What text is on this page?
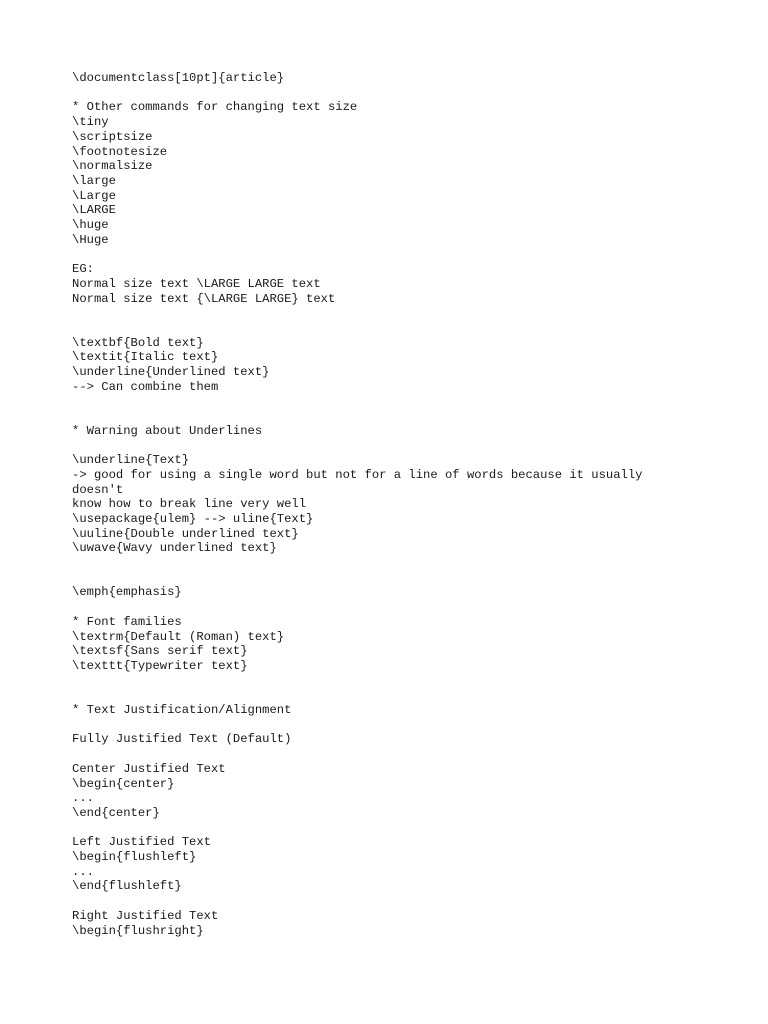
\documentclass[10pt]{article}
* Other commands for changing text size
\tiny
\scriptsize
\footnotesize
\normalsize
\large
\Large
\LARGE
\huge
\Huge
EG:
Normal size text \LARGE LARGE text
Normal size text {\LARGE LARGE} text
\textbf{Bold text}
\textit{Italic text}
\underline{Underlined text}
--> Can combine them
* Warning about Underlines
\underline{Text}
-> good for using a single word but not for a line of words because it usually
doesn't
know how to break line very well
\usepackage{ulem} --> uline{Text}
\uuline{Double underlined text}
\uwave{Wavy underlined text}
\emph{emphasis}
* Font families
\textrm{Default (Roman) text}
\textsf{Sans serif text}
\texttt{Typewriter text}
* Text Justification/Alignment
Fully Justified Text (Default)
Center Justified Text
\begin{center}
...
\end{center}
Left Justified Text
\begin{flushleft}
...
\end{flushleft}
Right Justified Text
\begin{flushright}
